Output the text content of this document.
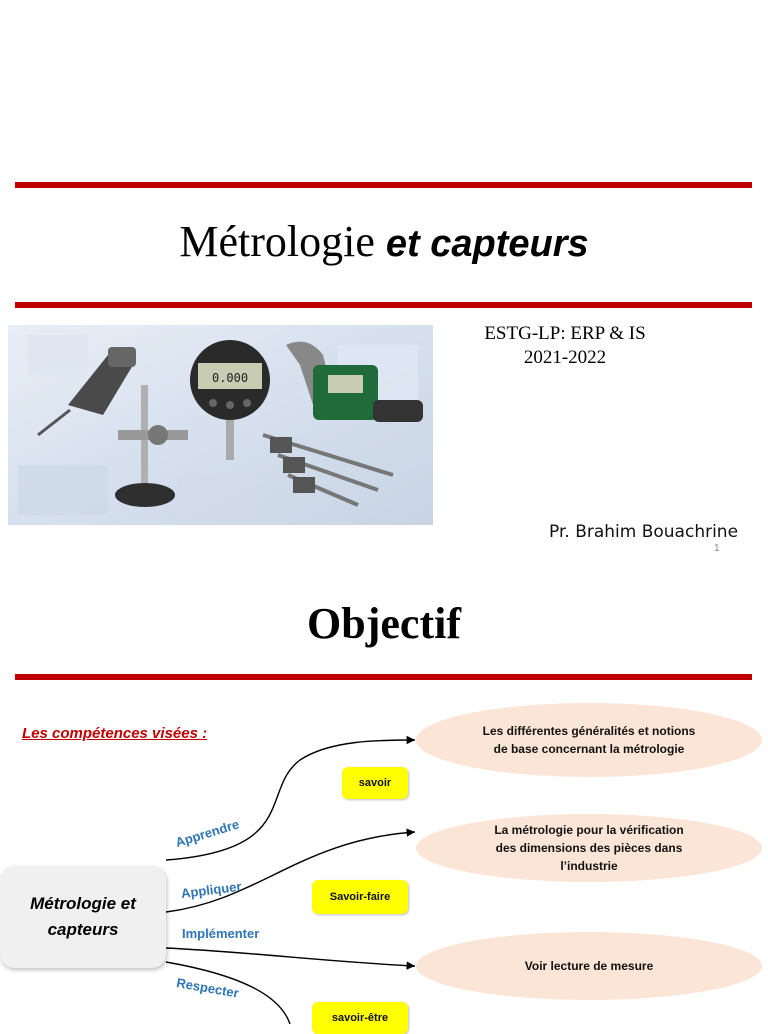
Métrologie et capteurs
0.000
ESTG-LP: ERP & IS
2021-2022
Pr. Brahim Bouachrine
1
Objectif
Les compétences visées :	Les différentes généralités et notions
de base concernant la métrologie
La métrologie pour la vérification
des dimensions des pièces dans
l’industrie
Voir lecture de mesure
savoir
Savoir-faire
savoir-être
Métrologie et
capteurs
Apprendre
Appliquer
Implémenter
Respecter
